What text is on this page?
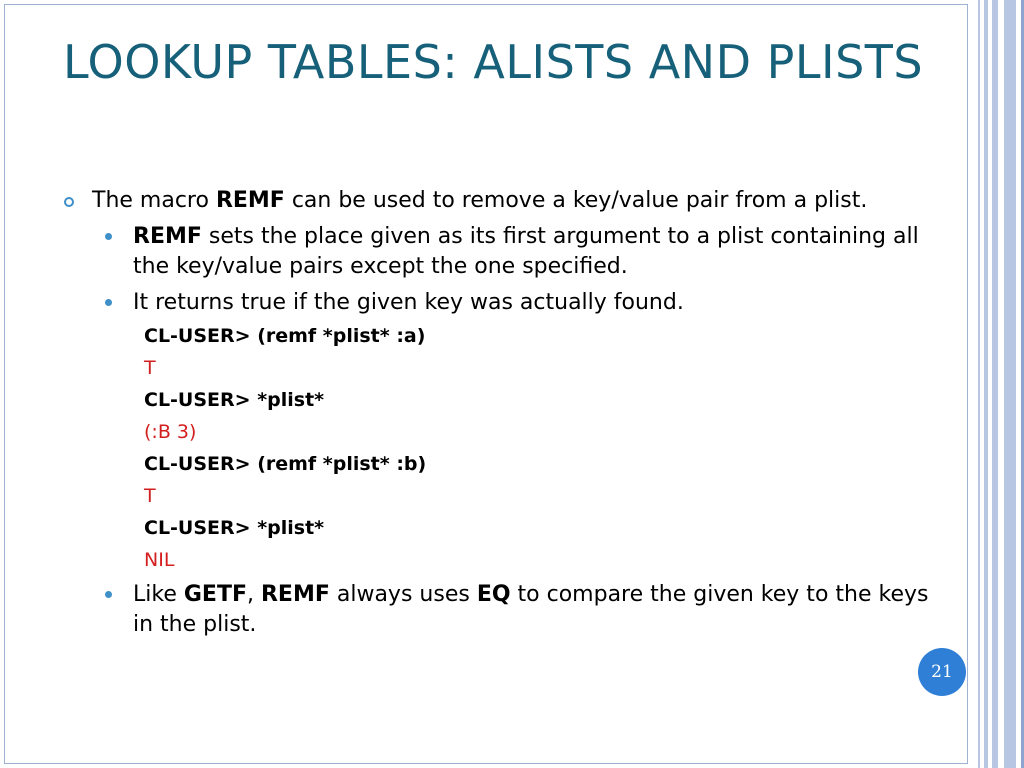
LOOKUP TABLES: ALISTS AND PLISTS

The macro REMF can be used to remove a key/value pair from a plist.

REMF sets the place given as its first argument to a plist containing all the key/value pairs except the one specified.

It returns true if the given key was actually found.

CL-USER> (remf *plist* :a)

T

CL-USER> *plist*

(:B 3)

CL-USER> (remf *plist* :b)

T

CL-USER> *plist*

NIL

Like GETF, REMF always uses EQ to compare the given key to the keys in the plist.

21
